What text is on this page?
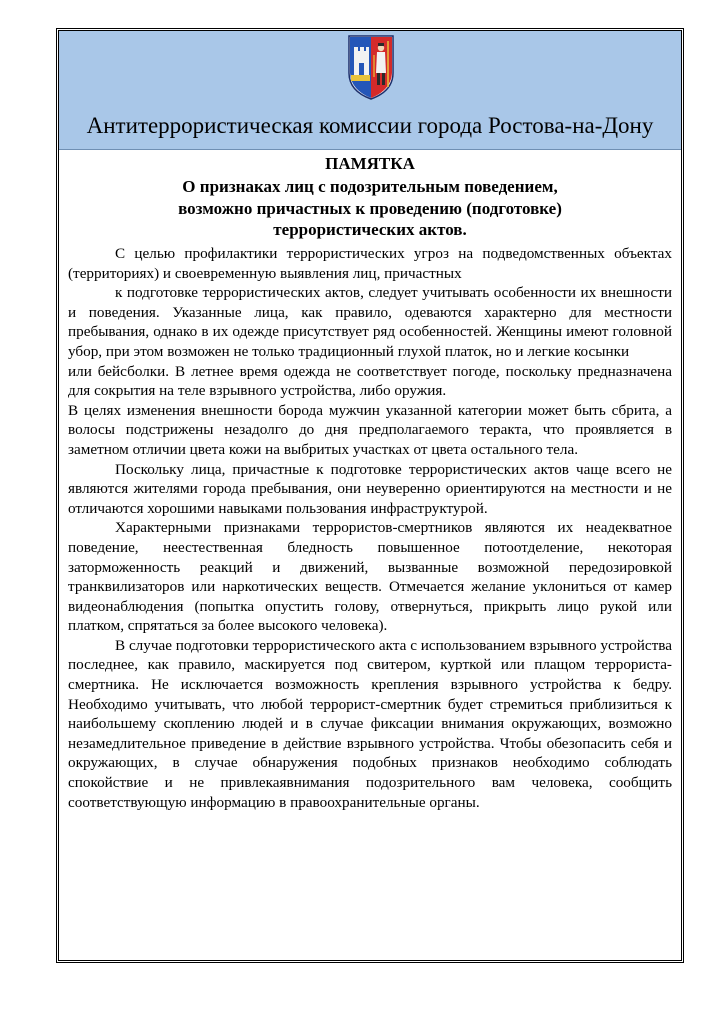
Антитеррористическая комиссии города Ростова-на-Дону
ПАМЯТКА
О признаках лиц с подозрительным поведением,
возможно причастных к проведению (подготовке)
террористических актов.

С целью профилактики террористических угроз на подведомственных объектах (территориях) и своевременную выявления лиц, причастных

к подготовке террористических актов, следует учитывать особенности их внешности и поведения. Указанные лица, как правило, одеваются характерно для местности пребывания, однако в их одежде присутствует ряд особенностей. Женщины имеют головной убор, при этом возможен не только традиционный глухой платок, но и легкие косынки

или бейсболки. В летнее время одежда не соответствует погоде, поскольку предназначена для сокрытия на теле взрывного устройства, либо оружия.

В целях изменения внешности борода мужчин указанной категории может быть сбрита, а волосы подстрижены незадолго до дня предполагаемого теракта, что проявляется в заметном отличии цвета кожи на выбритых участках от цвета остального тела.

Поскольку лица, причастные к подготовке террористических актов чаще всего не являются жителями города пребывания, они неуверенно ориентируются на местности и не отличаются хорошими навыками пользования инфраструктурой.

Характерными признаками террористов-смертников являются их неадекватное поведение, неестественная бледность повышенное потоотделение, некоторая заторможенность реакций и движений, вызванные возможной передозировкой транквилизаторов или наркотических веществ. Отмечается желание уклониться от камер видеонаблюдения (попытка опустить голову, отвернуться, прикрыть лицо рукой или платком, спрятаться за более высокого человека).

В случае подготовки террористического акта с использованием взрывного устройства последнее, как правило, маскируется под свитером, курткой или плащом террориста-смертника. Не исключается возможность крепления взрывного устройства к бедру. Необходимо учитывать, что любой террорист-смертник будет стремиться приблизиться к наибольшему скоплению людей и в случае фиксации внимания окружающих, возможно незамедлительное приведение в действие взрывного устройства. Чтобы обезопасить себя и окружающих, в случае обнаружения подобных признаков необходимо соблюдать спокойствие и не привлекаявнимания подозрительного вам человека, сообщить соответствующую информацию в правоохранительные органы.
